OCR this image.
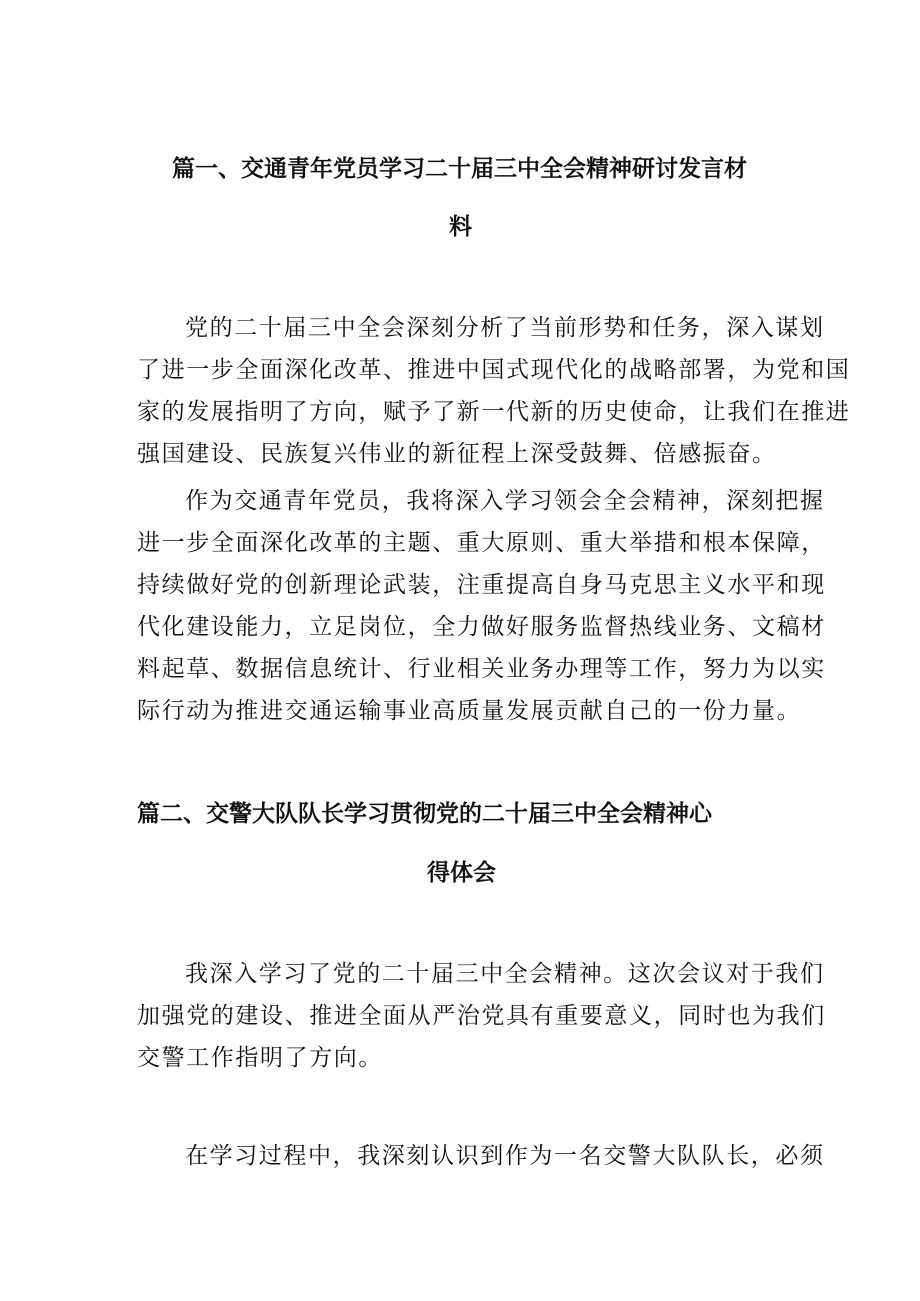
篇一、交通青年党员学习二十届三中全会精神研讨发言材
料
党的二十届三中全会深刻分析了当前形势和任务，深入谋划
了进一步全面深化改革、推进中国式现代化的战略部署，为党和国
家的发展指明了方向，赋予了新一代新的历史使命，让我们在推进
强国建设、民族复兴伟业的新征程上深受鼓舞、倍感振奋。
作为交通青年党员，我将深入学习领会全会精神，深刻把握
进一步全面深化改革的主题、重大原则、重大举措和根本保障，
持续做好党的创新理论武装，注重提高自身马克思主义水平和现
代化建设能力，立足岗位，全力做好服务监督热线业务、文稿材
料起草、数据信息统计、行业相关业务办理等工作，努力为以实
际行动为推进交通运输事业高质量发展贡献自己的一份力量。
篇二、交警大队队长学习贯彻党的二十届三中全会精神心
得体会
我深入学习了党的二十届三中全会精神。这次会议对于我们
加强党的建设、推进全面从严治党具有重要意义，同时也为我们
交警工作指明了方向。
在学习过程中，我深刻认识到作为一名交警大队队长，必须
